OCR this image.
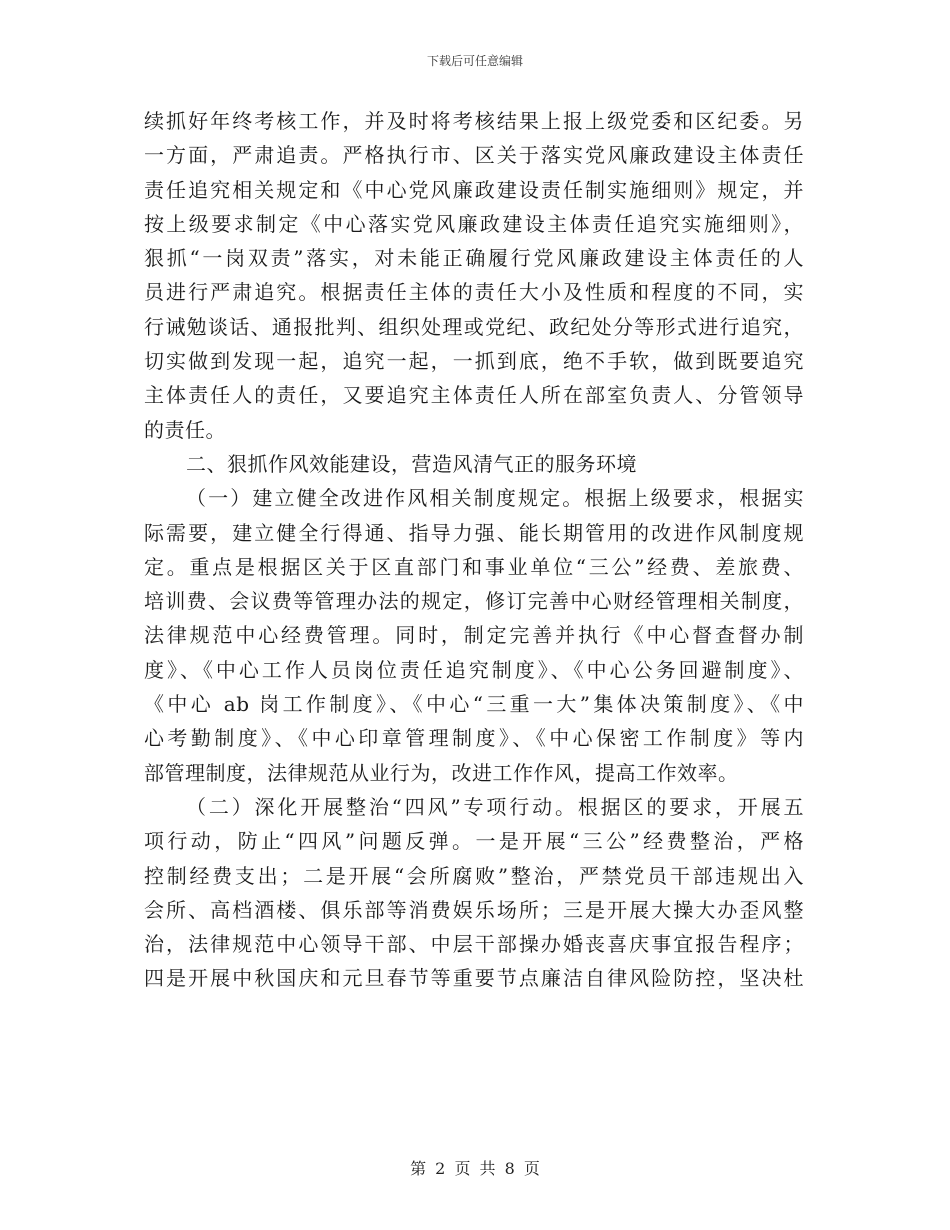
下载后可任意编辑
续抓好年终考核工作，并及时将考核结果上报上级党委和区纪委。另
一方面，严肃追责。严格执行市、区关于落实党风廉政建设主体责任
责任追究相关规定和《中心党风廉政建设责任制实施细则》规定，并
按上级要求制定《中心落实党风廉政建设主体责任追究实施细则》，
狠抓“一岗双责”落实，对未能正确履行党风廉政建设主体责任的人
员进行严肃追究。根据责任主体的责任大小及性质和程度的不同，实
行诫勉谈话、通报批判、组织处理或党纪、政纪处分等形式进行追究，
切实做到发现一起，追究一起，一抓到底，绝不手软，做到既要追究
主体责任人的责任，又要追究主体责任人所在部室负责人、分管领导
的责任。
二、狠抓作风效能建设，营造风清气正的服务环境
（一）建立健全改进作风相关制度规定。根据上级要求，根据实
际需要，建立健全行得通、指导力强、能长期管用的改进作风制度规
定。重点是根据区关于区直部门和事业单位“三公”经费、差旅费、
培训费、会议费等管理办法的规定，修订完善中心财经管理相关制度，
法律规范中心经费管理。同时，制定完善并执行《中心督查督办制
度》、《中心工作人员岗位责任追究制度》、《中心公务回避制度》、
《中心 ab 岗工作制度》、《中心“三重一大”集体决策制度》、《中
心考勤制度》、《中心印章管理制度》、《中心保密工作制度》等内
部管理制度，法律规范从业行为，改进工作作风，提高工作效率。
（二）深化开展整治“四风”专项行动。根据区的要求，开展五
项行动，防止“四风”问题反弹。一是开展“三公”经费整治，严格
控制经费支出；二是开展“会所腐败”整治，严禁党员干部违规出入
会所、高档酒楼、俱乐部等消费娱乐场所；三是开展大操大办歪风整
治，法律规范中心领导干部、中层干部操办婚丧喜庆事宜报告程序；
四是开展中秋国庆和元旦春节等重要节点廉洁自律风险防控，坚决杜
第 2 页 共 8 页
